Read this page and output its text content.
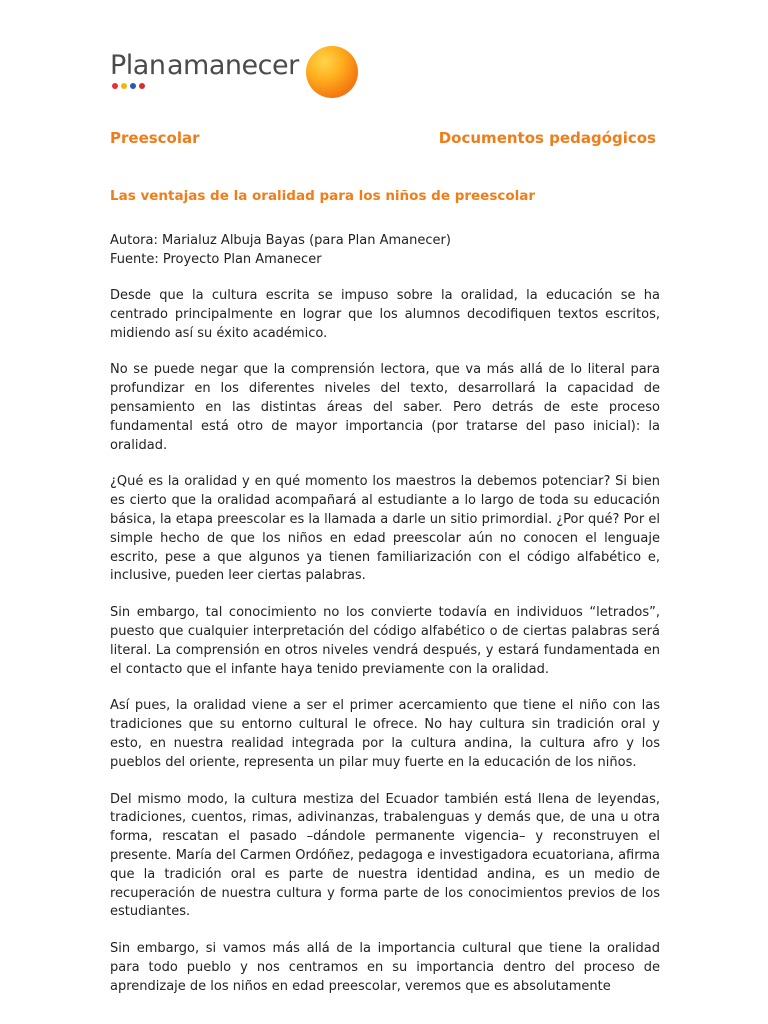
Plan amanecer
Preescolar	Documentos pedagógicos
Las ventajas de la oralidad para los niños de preescolar
Autora: Marialuz Albuja Bayas (para Plan Amanecer)
Fuente: Proyecto Plan Amanecer

Desde que la cultura escrita se impuso sobre la oralidad, la educación se ha centrado principalmente en lograr que los alumnos decodifiquen textos escritos, midiendo así su éxito académico.

No se puede negar que la comprensión lectora, que va más allá de lo literal para profundizar en los diferentes niveles del texto, desarrollará la capacidad de pensamiento en las distintas áreas del saber. Pero detrás de este proceso fundamental está otro de mayor importancia (por tratarse del paso inicial): la oralidad.

¿Qué es la oralidad y en qué momento los maestros la debemos potenciar? Si bien es cierto que la oralidad acompañará al estudiante a lo largo de toda su educación básica, la etapa preescolar es la llamada a darle un sitio primordial. ¿Por qué? Por el simple hecho de que los niños en edad preescolar aún no conocen el lenguaje escrito, pese a que algunos ya tienen familiarización con el código alfabético e, inclusive, pueden leer ciertas palabras.

Sin embargo, tal conocimiento no los convierte todavía en individuos “letrados”, puesto que cualquier interpretación del código alfabético o de ciertas palabras será literal. La comprensión en otros niveles vendrá después, y estará fundamentada en el contacto que el infante haya tenido previamente con la oralidad.

Así pues, la oralidad viene a ser el primer acercamiento que tiene el niño con las tradiciones que su entorno cultural le ofrece. No hay cultura sin tradición oral y esto, en nuestra realidad integrada por la cultura andina, la cultura afro y los pueblos del oriente, representa un pilar muy fuerte en la educación de los niños.

Del mismo modo, la cultura mestiza del Ecuador también está llena de leyendas, tradiciones, cuentos, rimas, adivinanzas, trabalenguas y demás que, de una u otra forma, rescatan el pasado –dándole permanente vigencia– y reconstruyen el presente. María del Carmen Ordóñez, pedagoga e investigadora ecuatoriana, afirma que la tradición oral es parte de nuestra identidad andina, es un medio de recuperación de nuestra cultura y forma parte de los conocimientos previos de los estudiantes.

Sin embargo, si vamos más allá de la importancia cultural que tiene la oralidad para todo pueblo y nos centramos en su importancia dentro del proceso de aprendizaje de los niños en edad preescolar, veremos que es absolutamente
